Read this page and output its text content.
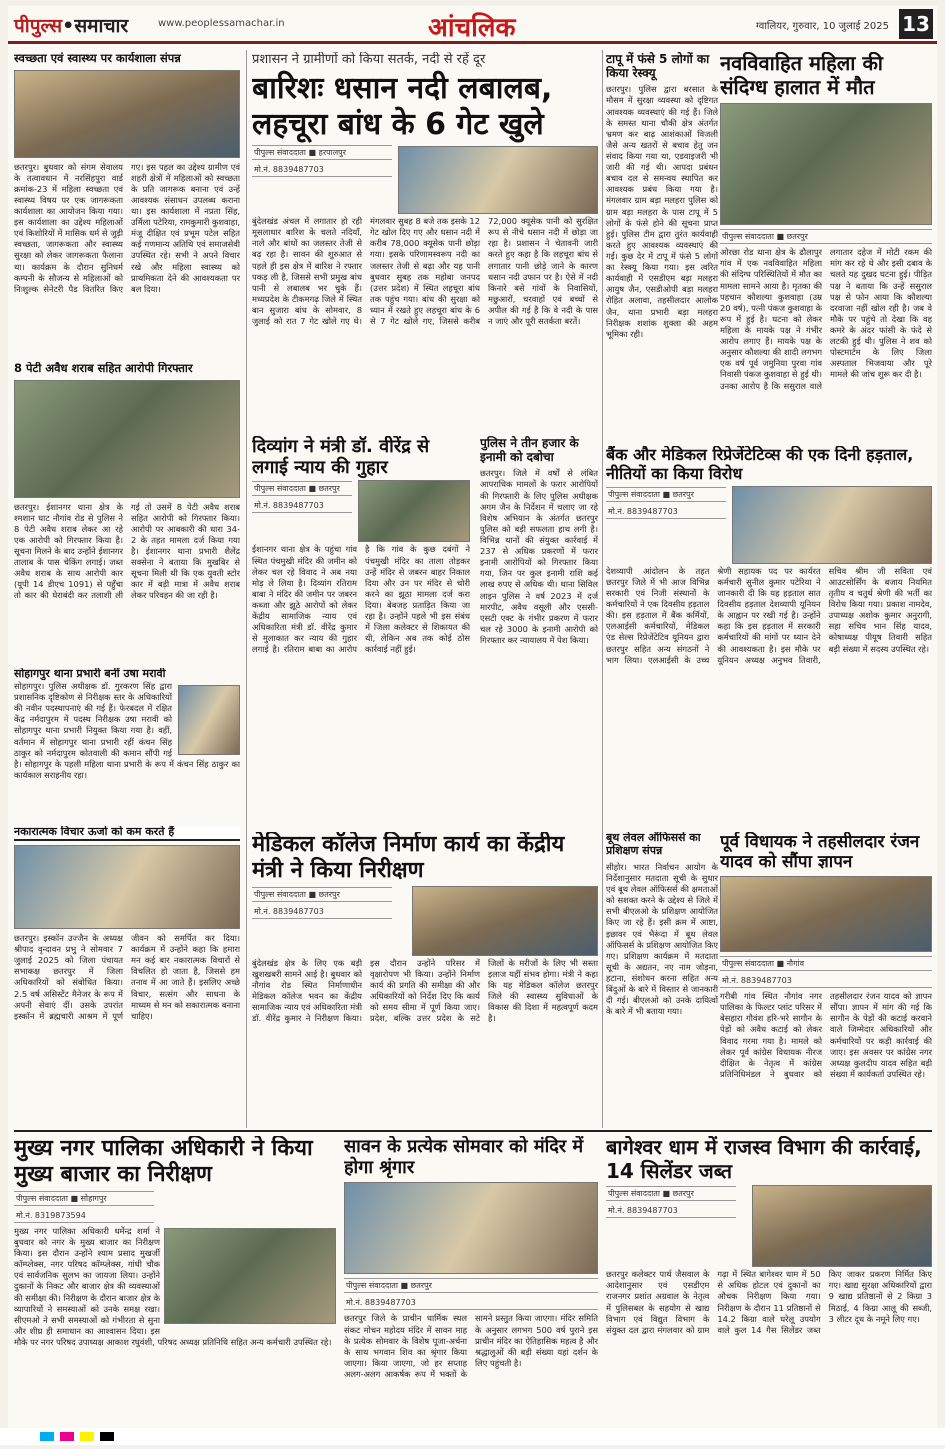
पीपुल्स•समाचार	www.peoplessamachar.in	आंचलिक	ग्वालियर, गुरुवार, 10 जुलाई 2025 13
स्वच्छता एवं स्वास्थ्य पर कार्यशाला संपन्न
छतरपुर। बुधवार को संगम सेवालय के तत्वावधान में नरसिंहपुरा वार्ड क्रमांक-23 में महिला स्वच्छता एवं स्वास्थ्य विषय पर एक जागरूकता कार्यशाला का आयोजन किया गया। इस कार्यशाला का उद्देश्य महिलाओं एवं किशोरियों में मासिक धर्म से जुड़ी स्वच्छता, जागरूकता और स्वास्थ्य सुरक्षा को लेकर जागरूकता फैलाना था। कार्यक्रम के दौरान सुनिधर्म कम्पनी के सौजन्य से महिलाओं को निःशुल्क सेनेटरी पैड वितरित किए गए। इस पहल का उद्देश्य ग्रामीण एवं शहरी क्षेत्रों में महिलाओं को स्वच्छता के प्रति जागरूक बनाना एवं उन्हें आवश्यक संसाधन उपलब्ध कराना था। इस कार्यशाला में नप्रता सिंह, उर्मिला पटेरिया, रामकुमारी कुशवाहा, मंजू दीक्षित एवं प्रभूम पटेल सहित कई गणमान्य अतिथि एवं समाजसेवी उपस्थित रहे। सभी ने अपने विचार रखे और महिला स्वास्थ्य को प्राथमिकता देने की आवश्यकता पर बल दिया।
8 पेटी अवैध शराब सहित आरोपी गिरफ्तार
छतरपुर। ईशानगर थाना क्षेत्र के श्मशान घाट नौगांव रोड से पुलिस ने 8 पेटी अवैध शराब लेकर आ रहे एक आरोपी को गिरफ्तार किया है। सूचना मिलने के बाद उन्होंने ईशानगर तालाब के पास चेकिंग लगाई। जब्त अवैध शराब के साथ आरोपी कार (यूपी 14 डीएच 1091) से पहुँचा तो कार की घेराबंदी कर तलाशी ली गई तो उसमें 8 पेटी अवैध शराब सहित आरोपी को गिरफ्तार किया। आरोपी पर आबकारी की धारा 34-2 के तहत मामला दर्ज किया गया है। ईशानगर थाना प्रभारी शैलेंद्र सक्सेना ने बताया कि मुखबिर से सूचना मिली थी कि एक युवती स्टोर कार में बड़ी मात्रा में अवैध शराब लेकर परिवहन की जा रही है।
सोहागपुर थाना प्रभारी बनीं उषा मरावी
सोहागपुर। पुलिस अधीक्षक डॉ. गुरकरण सिंह द्वारा प्रशासनिक दृष्टिकोण से निरीक्षक स्तर के अधिकारियों की नवीन पदस्थापनाएं की गई हैं। फेरबदल में रक्षित केंद्र नर्मदापुरम में पदस्थ निरीक्षक उषा मरावी को सोहागपुर थाना प्रभारी नियुक्त किया गया है। वहीं, वर्तमान में सोहागपुर थाना प्रभारी रहीं कंचन सिंह ठाकुर को नर्मदापुरम कोतवाली की कमान सौंपी गई है। सोहागपुर के पहली महिला थाना प्रभारी के रूप में कंचन सिंह ठाकुर का कार्यकाल सराहनीय रहा।
नकारात्मक विचार ऊर्जा को कम करते हैं
छतरपुर। इस्कॉन उज्जैन के अध्यक्ष श्रीपाद वृन्दावन प्रभु ने सोमवार 7 जुलाई 2025 को जिला पंचायत सभाकक्ष छतरपुर में जिला अधिकारियों को संबोधित किया। 2.5 वर्ष असिस्टेंट मैनेजर के रूप में अपनी सेवाएं दीं। उसके उपरांत इस्कॉन में ब्रह्मचारी आश्रम में पूर्ण जीवन को समर्पित कर दिया। कार्यक्रम में उन्होंने कहा कि हमारा मन कई बार नकारात्मक विचारों से विचलित हो जाता है, जिससे हम तनाव में आ जाते हैं। इसलिए अच्छे विचार, सत्संग और साधना के माध्यम से मन को सकारात्मक बनाना चाहिए।
प्रशासन ने ग्रामीणों को किया सतर्क, नदी से रहें दूर
बारिशः धसान नदी लबालब, लहचूरा बांध के 6 गेट खुले
पीपुल्स संवाददाता ■ हरपालपुर
मो.नं. 8839487703
बुंदेलखंड अंचल में लगातार हो रही मूसलाधार बारिश के चलते नदियाँ, नाले और बांधों का जलस्तर तेजी से बढ़ रहा है। सावन की शुरुआत से पहले ही इस क्षेत्र में बारिश ने रफ्तार पकड़ ली है, जिससे सभी प्रमुख बांध पानी से लबालब भर चुके हैं। मध्यप्रदेश के टीकमगढ़ जिले में स्थित बान सुजारा बांध के सोमवार, 8 जुलाई को रात 7 गेट खोले गए थे। मंगलवार सुबह 8 बजे तक इसके 12 गेट खोल दिए गए और धसान नदी में करीब 78,000 क्यूसेक पानी छोड़ा गया। इसके परिणामस्वरूप नदी का जलस्तर तेजी से बढ़ा और यह पानी बुधवार सुबह तक महोबा जनपद (उत्तर प्रदेश) में स्थित लहचूरा बांध तक पहुंच गया। बांध की सुरक्षा को ध्यान में रखते हुए लहचूरा बांध के 6 से 7 गेट खोले गए, जिससे करीब 72,000 क्यूसेक पानी को सुरक्षित रूप से नीचे धसान नदी में छोड़ा जा रहा है। प्रशासन ने चेतावनी जारी करते हुए कहा है कि लहचूरा बांध से लगातार पानी छोड़े जाने के कारण धसान नदी उफान पर है। ऐसे में नदी किनारे बसे गांवों के निवासियों, मछुआरों, चरवाहों एवं बच्चों से अपील की गई है कि वे नदी के पास न जाएं और पूरी सतर्कता बरतें।
दिव्यांग ने मंत्री डॉ. वीरेंद्र से लगाई न्याय की गुहार
पीपुल्स संवाददाता ■ छतरपुर
मो.नं. 8839487703
ईशानगर थाना क्षेत्र के पहुंचा गांव स्थित पंचमुखी मंदिर की जमीन को लेकर चल रहे विवाद ने अब नया मोड़ ले लिया है। दिव्यांग रतिराम बाबा ने मंदिर की जमीन पर जबरन कब्जा और झूठे आरोपों को लेकर केंद्रीय सामाजिक न्याय एवं अधिकारिता मंत्री डॉ. वीरेंद्र कुमार से मुलाकात कर न्याय की गुहार लगाई है। रतिराम बाबा का आरोप है कि गांव के कुछ दबंगों ने पंचमुखी मंदिर का ताला तोड़कर उन्हें मंदिर से जबरन बाहर निकाल दिया और उन पर मंदिर से चोरी करने का झूठा मामला दर्ज करा दिया। बेबजह प्रताड़ित किया जा रहा है। उन्होंने पहले भी इस संबंध में जिला कलेक्टर से शिकायत की थी, लेकिन अब तक कोई ठोस कार्रवाई नहीं हुई।
पुलिस ने तीन हजार के इनामी को दबोचा
छतरपुर। जिले में वर्षों से लंबित आपराधिक मामलों के फरार आरोपियों की गिरफ्तारी के लिए पुलिस अधीक्षक अगम जैन के निर्देशन में चलाए जा रहे विशेष अभियान के अंतर्गत छतरपुर पुलिस को बड़ी सफलता हाथ लगी है। विभिन्न थानों की संयुक्त कार्रवाई में 237 से अधिक प्रकरणों में फरार इनामी आरोपियों को गिरफ्तार किया गया, जिन पर कुल इनामी राशि कई लाख रुपए से अधिक थी। थाना सिविल लाइन पुलिस ने वर्ष 2023 में दर्ज मारपीट, अवैध वसूली और एससी-एसटी एक्ट के गंभीर प्रकरण में फरार चल रहे 3000 के इनामी आरोपी को गिरफ्तार कर न्यायालय में पेश किया।
मेडिकल कॉलेज निर्माण कार्य का केंद्रीय मंत्री ने किया निरीक्षण
पीपुल्स संवाददाता ■ छतरपुर
मो.नं. 8839487703
बुंदेलखंड क्षेत्र के लिए एक बड़ी खुशखबरी सामने आई है। बुधवार को नौगांव रोड स्थित निर्माणाधीन मेडिकल कॉलेज भवन का केंद्रीय सामाजिक न्याय एवं अधिकारिता मंत्री डॉ. वीरेंद्र कुमार ने निरीक्षण किया। इस दौरान उन्होंने परिसर में वृक्षारोपण भी किया। उन्होंने निर्माण कार्य की प्रगति की समीक्षा की और अधिकारियों को निर्देश दिए कि कार्य को समय सीमा में पूर्ण किया जाए। प्रदेश, बल्कि उत्तर प्रदेश के सटे जिलों के मरीजों के लिए भी सस्ता इलाज यहीं संभव होगा। मंत्री ने कहा कि यह मेडिकल कॉलेज छतरपुर जिले की स्वास्थ्य सुविधाओं के विकास की दिशा में महत्वपूर्ण कदम है।
टापू में फंसे 5 लोगों का किया रेस्क्यू
छतरपुर। पुलिस द्वारा बरसात के मौसम में सुरक्षा व्यवस्था को दृष्टिगत आवश्यक व्यवस्थाएं की गई हैं। जिले के समस्त थाना चौकी क्षेत्र अंतर्गत भ्रमण कर बाढ़ आशंकाओं विजली जैसे अन्य खतरों से बचाव हेतु जन संवाद किया गया था, एडवाइजरी भी जारी की गई थी। आपदा प्रबंधन बचाव दल से समन्वय स्थापित कर आवश्यक प्रबंध किया गया है। मंगलवार ग्राम बड़ा मलहरा पुलिस को ग्राम बड़ा मलहरा के पास टापू में 5 लोगों के फंसे होने की सूचना प्राप्त हुई। पुलिस टीम द्वारा तुरंत कार्यवाही करते हुए आवश्यक व्यवस्थाएं की गईं। कुछ देर में टापू में फंसे 5 लोगों का रेस्क्यू किया गया। इस त्वरित कार्यवाही में एसडीएम बड़ा मलहरा आयुष जैन, एसडीओपी बड़ा मलहरा रोहित अलावा, तहसीलदार आलोक जैन, थाना प्रभारी बड़ा मलहरा निरीक्षक शशांक शुक्ला की अहम भूमिका रही।
बूथ लेवल ऑफिसर्स का प्रशिक्षण संपन्न
सीहोर। भारत निर्वाचन आयोग के निर्देशानुसार मतदाता सूची के सुधार एवं बूथ लेवल ऑफिसर्स की क्षमताओं को सशक्त करने के उद्देश्य से जिले में सभी बीएलओ के प्रशिक्षण आयोजित किए जा रहे हैं। इसी क्रम में आष्टा, इछावर एवं भैरूंदा में बूथ लेवल ऑफिसर्स के प्रशिक्षण आयोजित किए गए। प्रशिक्षण कार्यक्रम में मतदाता सूची के अद्यतन, नए नाम जोड़ना, हटाना, संशोधन करना सहित अन्य बिंदुओं के बारे में विस्तार से जानकारी दी गई। बीएलओ को उनके दायित्वों के बारे में भी बताया गया।
नवविवाहित महिला की संदिग्ध हालात में मौत
पीपुल्स संवाददाता ■ छतरपुर
ओरछा रोड थाना क्षेत्र के ढौलापुर गांव में एक नवविवाहित महिला की संदिग्ध परिस्थितियों में मौत का मामला सामने आया है। मृतका की पहचान कौशल्या कुशवाहा (उम्र 20 वर्ष), पत्नी पंकज कुशवाहा के रूप में हुई है। घटना को लेकर महिला के मायके पक्ष ने गंभीर आरोप लगाए हैं। मायके पक्ष के अनुसार कौशल्या की शादी लगभग एक वर्ष पूर्व जमुनिया पुरवा गांव निवासी पंकज कुशवाहा से हुई थी। उनका आरोप है कि ससुराल वाले लगातार दहेज में मोटी रकम की मांग कर रहे थे और इसी दबाव के चलते यह दुखद घटना हुई। पीड़ित पक्ष ने बताया कि उन्हें ससुराल पक्ष से फोन आया कि कौशल्या दरवाजा नहीं खोल रही है। जब वे मौके पर पहुंचे तो देखा कि वह कमरे के अंदर फांसी के फंदे से लटकी हुई थी। पुलिस ने शव को पोस्टमार्टम के लिए जिला अस्पताल भिजवाया और पूरे मामले की जांच शुरू कर दी है।
बैंक और मेडिकल रिप्रेजेंटेटिव्स की एक दिनी हड़ताल, नीतियों का किया विरोध
पीपुल्स संवाददाता ■ छतरपुर
मो.नं. 8839487703
देशव्यापी आंदोलन के तहत छतरपुर जिले में भी आज विभिन्न सरकारी एवं निजी संस्थानों के कर्मचारियों ने एक दिवसीय हड़ताल की। इस हड़ताल में बैंक कर्मियों, एलआईसी कर्मचारियों, मेडिकल एंड सेल्स रिप्रेजेंटेटिव यूनियन द्वारा छतरपुर सहित अन्य संगठनों ने भाग लिया। एलआईसी के उच्च श्रेणी सहायक पद पर कार्यरत कर्मचारी सुनील कुमार पटेरिया ने जानकारी दी कि यह हड़ताल सात दिवसीय हड़ताल देशव्यापी यूनियन के आह्वान पर रखी गई है। उन्होंने कहा कि इस हड़ताल में सरकारी कर्मचारियों की मांगों पर ध्यान देने की आवश्यकता है। इस मौके पर यूनियन अध्यक्ष अनुभव तिवारी, सचिव श्रीम जी सविता एवं आउटसोर्सिंग के बजाय नियमित तृतीय व चतुर्थ श्रेणी की भर्ती का विरोध किया गया। प्रकाश नामदेव, उपाध्यक्ष अशोक कुमार अनुरागी, सहा सचिव भान सिंह यादव, कोषाध्यक्ष पीयूष तिवारी सहित बड़ी संख्या में सदस्य उपस्थित रहे।
पूर्व विधायक ने तहसीलदार रंजन यादव को सौंपा ज्ञापन
पीपुल्स संवाददाता ■ नौगांव
मो.नं. 8839487703
गरीबी गांव स्थित नौगांव नगर पालिका के फिल्टर प्लांट परिसर में बेसहारा गौवंश हरि-भरे सागौन के पेड़ों को अवैध कटाई को लेकर विवाद गरमा गया है। मामले को लेकर पूर्व कांग्रेस विधायक नीरज दीक्षित के नेतृत्व में कांग्रेस प्रतिनिधिमंडल ने बुधवार को तहसीलदार रंजन यादव को ज्ञापन सौंपा। ज्ञापन में मांग की गई कि सागौन के पेड़ों की कटाई करवाने वाले जिम्मेदार अधिकारियों और कर्मचारियों पर कड़ी कार्रवाई की जाए। इस अवसर पर कांग्रेस नगर अध्यक्ष कुलदीप यादव सहित बड़ी संख्या में कार्यकर्ता उपस्थित रहे।
मुख्य नगर पालिका अधिकारी ने किया मुख्य बाजार का निरीक्षण
पीपुल्स संवाददाता ■ सोहागपुर
मो.नं. 8319873594
मुख्य नगर पालिका अधिकारी धर्मेन्द्र शर्मा ने बुधवार को नगर के मुख्य बाजार का निरीक्षण किया। इस दौरान उन्होंने श्याम प्रसाद मुखर्जी कॉम्प्लेक्स, नगर परिषद कॉम्प्लेक्स, गांधी चौक एवं सार्वजनिक सुलभ का जायजा लिया। उन्होंने दुकानों के निकट और बाजार क्षेत्र की व्यवस्थाओं की समीक्षा की। निरीक्षण के दौरान बाजार क्षेत्र के व्यापारियों ने समस्याओं को उनके समक्ष रखा। सीएमओ ने सभी समस्याओं को गंभीरता से सुना और शीघ्र ही समाधान का आश्वासन दिया। इस मौके पर नगर परिषद उपाध्यक्ष आकाश रघुवंशी, परिषद अध्यक्ष प्रतिनिधि सहित अन्य कर्मचारी उपस्थित रहे।
सावन के प्रत्येक सोमवार को मंदिर में होगा श्रृंगार
पीपुल्स संवाददाता ■ छतरपुर
मो.नं. 8839487703
छतरपुर जिले के प्राचीन धार्मिक स्थल संकट मोचन महोदय मंदिर में सावन माह के प्रत्येक सोमवार के विशेष पूजा-अर्चना के साथ भगवान शिव का श्रृंगार किया जाएगा। किया जाएगा, जो हर सप्ताह अलग-अलग आकर्षक रूप में भक्तों के सामने प्रस्तुत किया जाएगा। मंदिर समिति के अनुसार लगभग 500 वर्ष पुराने इस प्राचीन मंदिर का ऐतिहासिक महत्व है और श्रद्धालुओं की बड़ी संख्या यहां दर्शन के लिए पहुंचती है।
बागेश्वर धाम में राजस्व विभाग की कार्रवाई, 14 सिलेंडर जब्त
पीपुल्स संवाददाता ■ छतरपुर
मो.नं. 8839487703
छतरपुर कलेक्टर पार्थ जैसवाल के आदेशानुसार एवं एसडीएम राजनगर प्रशांत अग्रवाल के नेतृत्व में पुलिसबल के सहयोग से खाद्य विभाग एवं विद्युत विभाग के संयुक्त दल द्वारा मंगलवार को ग्राम गढ़ा में स्थित बागेश्वर धाम में 50 से अधिक होटल एवं दुकानों का औचक निरीक्षण किया गया। निरीक्षण के दौरान 11 प्रतिष्ठानों से 14.2 किग्रा वाले घरेलू उपयोग वाले कुल 14 गैस सिलेंडर जब्त किए जाकर प्रकरण निर्मित किए गए। खाद्य सुरक्षा अधिकारियों द्वारा 9 खाद्य प्रतिष्ठानों से 2 किग्रा 3 मिठाई, 4 किग्रा आलू की सब्जी, 3 लीटर दूध के नमूने लिए गए।
